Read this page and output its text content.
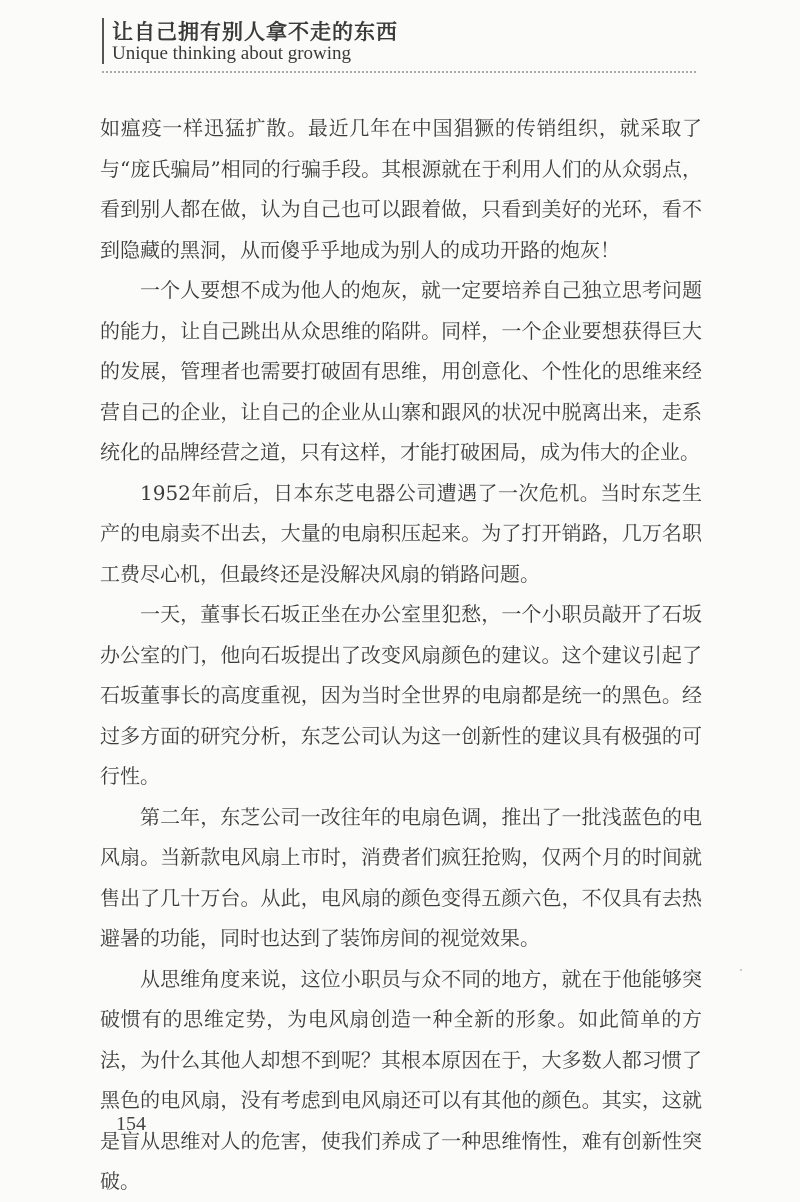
让自己拥有别人拿不走的东西
Unique thinking about growing

如瘟疫一样迅猛扩散。最近几年在中国猖獗的传销组织，就采取了与“庞氏骗局”相同的行骗手段。其根源就在于利用人们的从众弱点，看到别人都在做，认为自己也可以跟着做，只看到美好的光环，看不到隐藏的黑洞，从而傻乎乎地成为别人的成功开路的炮灰！

一个人要想不成为他人的炮灰，就一定要培养自己独立思考问题的能力，让自己跳出从众思维的陷阱。同样，一个企业要想获得巨大的发展，管理者也需要打破固有思维，用创意化、个性化的思维来经营自己的企业，让自己的企业从山寨和跟风的状况中脱离出来，走系统化的品牌经营之道，只有这样，才能打破困局，成为伟大的企业。

1952年前后，日本东芝电器公司遭遇了一次危机。当时东芝生产的电扇卖不出去，大量的电扇积压起来。为了打开销路，几万名职工费尽心机，但最终还是没解决风扇的销路问题。

一天，董事长石坂正坐在办公室里犯愁，一个小职员敲开了石坂办公室的门，他向石坂提出了改变风扇颜色的建议。这个建议引起了石坂董事长的高度重视，因为当时全世界的电扇都是统一的黑色。经过多方面的研究分析，东芝公司认为这一创新性的建议具有极强的可行性。

第二年，东芝公司一改往年的电扇色调，推出了一批浅蓝色的电风扇。当新款电风扇上市时，消费者们疯狂抢购，仅两个月的时间就售出了几十万台。从此，电风扇的颜色变得五颜六色，不仅具有去热避暑的功能，同时也达到了装饰房间的视觉效果。

从思维角度来说，这位小职员与众不同的地方，就在于他能够突破惯有的思维定势，为电风扇创造一种全新的形象。如此简单的方法，为什么其他人却想不到呢？其根本原因在于，大多数人都习惯了黑色的电风扇，没有考虑到电风扇还可以有其他的颜色。其实，这就是盲从思维对人的危害，使我们养成了一种思维惰性，难有创新性突破。

154
